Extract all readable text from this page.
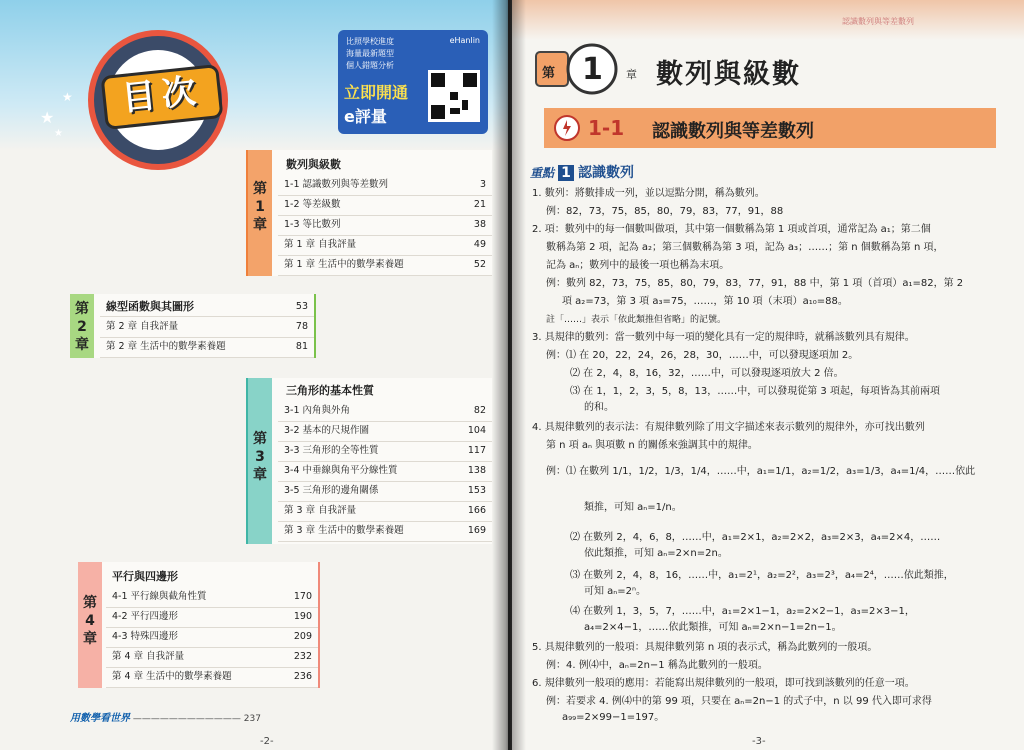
目次
★
★
★
比照學校進度
海量最新題型
個人錯題分析
eHanlin
立即開通
e評量
第
1
章
數列與級數
1-1 認識數列與等差數列	3
1-2 等差級數	21
1-3 等比數列	38
第 1 章 自我評量	49
第 1 章 生活中的數學素養題	52
第
2
章
線型函數與其圖形	53
第 2 章 自我評量	78
第 2 章 生活中的數學素養題	81
第
3
章
三角形的基本性質
3-1 內角與外角	82
3-2 基本的尺規作圖	104
3-3 三角形的全等性質	117
3-4 中垂線與角平分線性質	138
3-5 三角形的邊角關係	153
第 3 章 自我評量	166
第 3 章 生活中的數學素養題	169
第
4
章
平行與四邊形
4-1 平行線與截角性質	170
4-2 平行四邊形	190
4-3 特殊四邊形	209
第 4 章 自我評量	232
第 4 章 生活中的數學素養題	236
用數學看世界 ———————————— 237
-2-
認識數列與等差數列
第 1 章 數列與級數
1-1 認識數列與等差數列
重點 1 認識數列
1. 數列：將數排成一列，並以逗點分開，稱為數列。
例：82，73，75，85，80，79，83，77，91，88
2. 項：數列中的每一個數叫做項，其中第一個數稱為第 1 項或首項，通常記為 a₁；第二個
數稱為第 2 項，記為 a₂；第三個數稱為第 3 項，記為 a₃；……；第 n 個數稱為第 n 項，
記為 aₙ；數列中的最後一項也稱為末項。
例：數列 82，73，75，85，80，79，83，77，91，88 中，第 1 項（首項）a₁=82，第 2
項 a₂=73，第 3 項 a₃=75，……，第 10 項（末項）a₁₀=88。
註「……」表示「依此類推但省略」的記號。
3. 具規律的數列：當一數列中每一項的變化具有一定的規律時，就稱該數列具有規律。
例：⑴ 在 20，22，24，26，28，30，……中，可以發現逐項加 2。
⑵ 在 2，4，8，16，32，……中，可以發現逐項放大 2 倍。
⑶ 在 1，1，2，3，5，8，13，……中，可以發現從第 3 項起，每項皆為其前兩項
的和。
4. 具規律數列的表示法：有規律數列除了用文字描述來表示數列的規律外，亦可找出數列
第 n 項 aₙ 與項數 n 的關係來強調其中的規律。
例：⑴ 在數列 1/1，1/2，1/3，1/4，……中，a₁=1/1，a₂=1/2，a₃=1/3，a₄=1/4，……依此
類推，可知 aₙ=1/n。
⑵ 在數列 2，4，6，8，……中，a₁=2×1，a₂=2×2，a₃=2×3，a₄=2×4，……
依此類推，可知 aₙ=2×n=2n。
⑶ 在數列 2，4，8，16，……中，a₁=2¹，a₂=2²，a₃=2³，a₄=2⁴，……依此類推，
可知 aₙ=2ⁿ。
⑷ 在數列 1，3，5，7，……中，a₁=2×1−1，a₂=2×2−1，a₃=2×3−1，
a₄=2×4−1，……依此類推，可知 aₙ=2×n−1=2n−1。
5. 具規律數列的一般項：具規律數列第 n 項的表示式，稱為此數列的一般項。
例：4. 例⑷中，aₙ=2n−1 稱為此數列的一般項。
6. 規律數列一般項的應用：若能寫出規律數列的一般項，即可找到該數列的任意一項。
例：若要求 4. 例⑷中的第 99 項，只要在 aₙ=2n−1 的式子中，n 以 99 代入即可求得
a₉₉=2×99−1=197。
-3-
